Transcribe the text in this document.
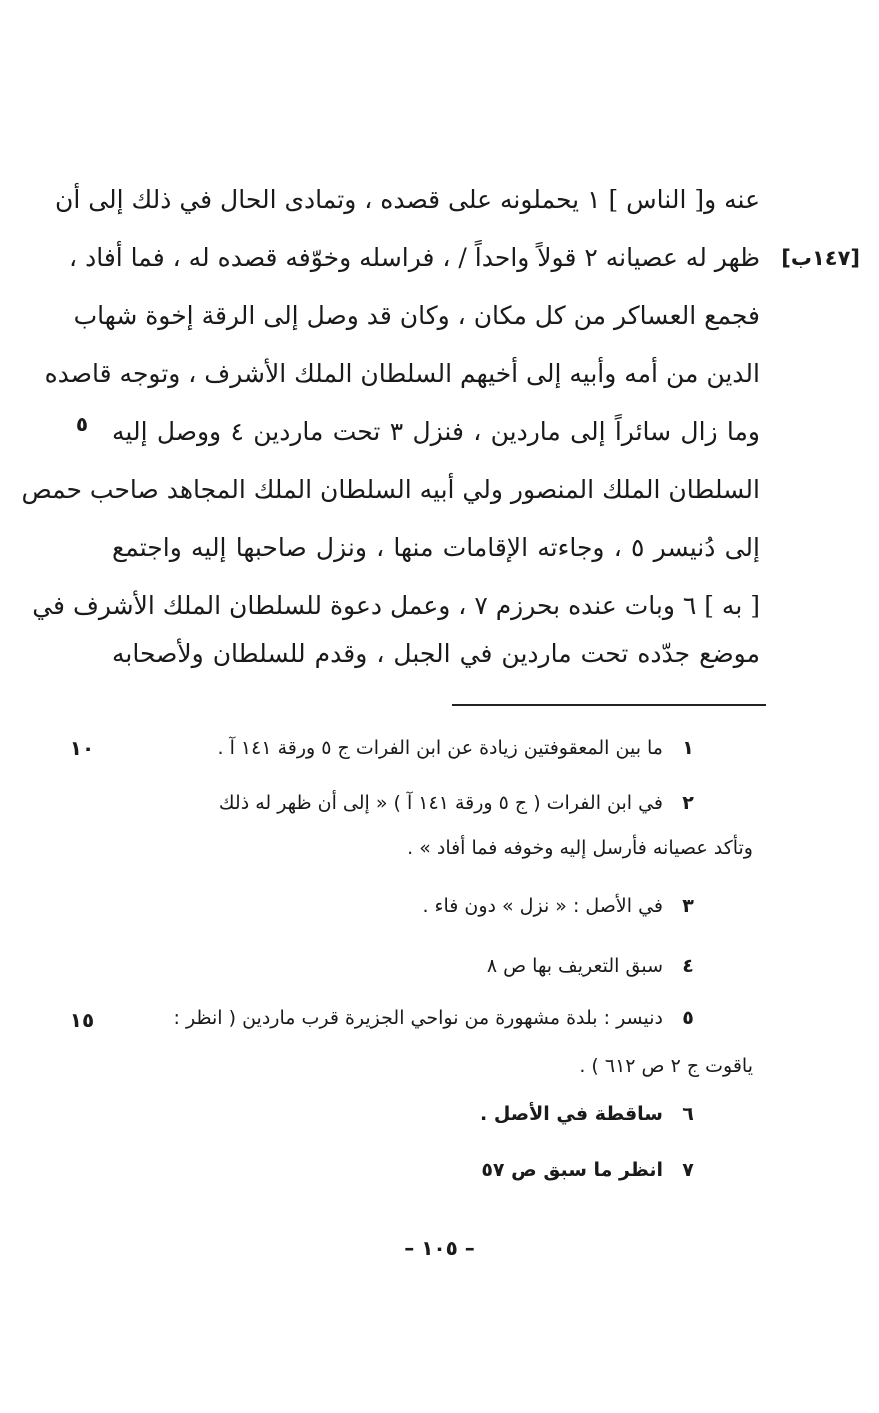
عنه و[ الناس ] ١ يحملونه على قصده ، وتمادى الحال في ذلك إلى أن
ظهر له عصيانه ٢ قولاً واحداً / ، فراسله وخوّفه قصده له ، فما أفاد ،
فجمع العساكر من كل مكان ، وكان قد وصل إلى الرقة إخوة شهاب
الدين من أمه وأبيه إلى أخيهم السلطان الملك الأشرف ، وتوجه قاصده
وما زال سائراً إلى ماردين ، فنزل ٣ تحت ماردين ٤ ووصل إليه
السلطان الملك المنصور ولي أبيه السلطان الملك المجاهد صاحب حمص
إلى دُنيسر ٥ ، وجاءته الإقامات منها ، ونزل صاحبها إليه واجتمع
[ به ] ٦ وبات عنده بحرزم ٧ ، وعمل دعوة للسلطان الملك الأشرف في
موضع جدّده تحت ماردين في الجبل ، وقدم للسلطان ولأصحابه
[١٤٧ب]
٥
١٠
١٥
١ما بين المعقوفتين زيادة عن ابن الفرات ج ٥ ورقة ١٤١ آ .
٢في ابن الفرات ( ج ٥ ورقة ١٤١ آ ) « إلى أن ظهر له ذلك
وتأكد عصيانه فأرسل إليه وخوفه فما أفاد » .
٣في الأصل : « نزل » دون فاء .
٤سبق التعريف بها ص ٨
٥دنيسر : بلدة مشهورة من نواحي الجزيرة قرب ماردين ( انظر :
ياقوت ج ٢ ص ٦١٢ ) .
٦ساقطة في الأصل .
٧انظر ما سبق ص ٥٧
– ١٠٥ –
